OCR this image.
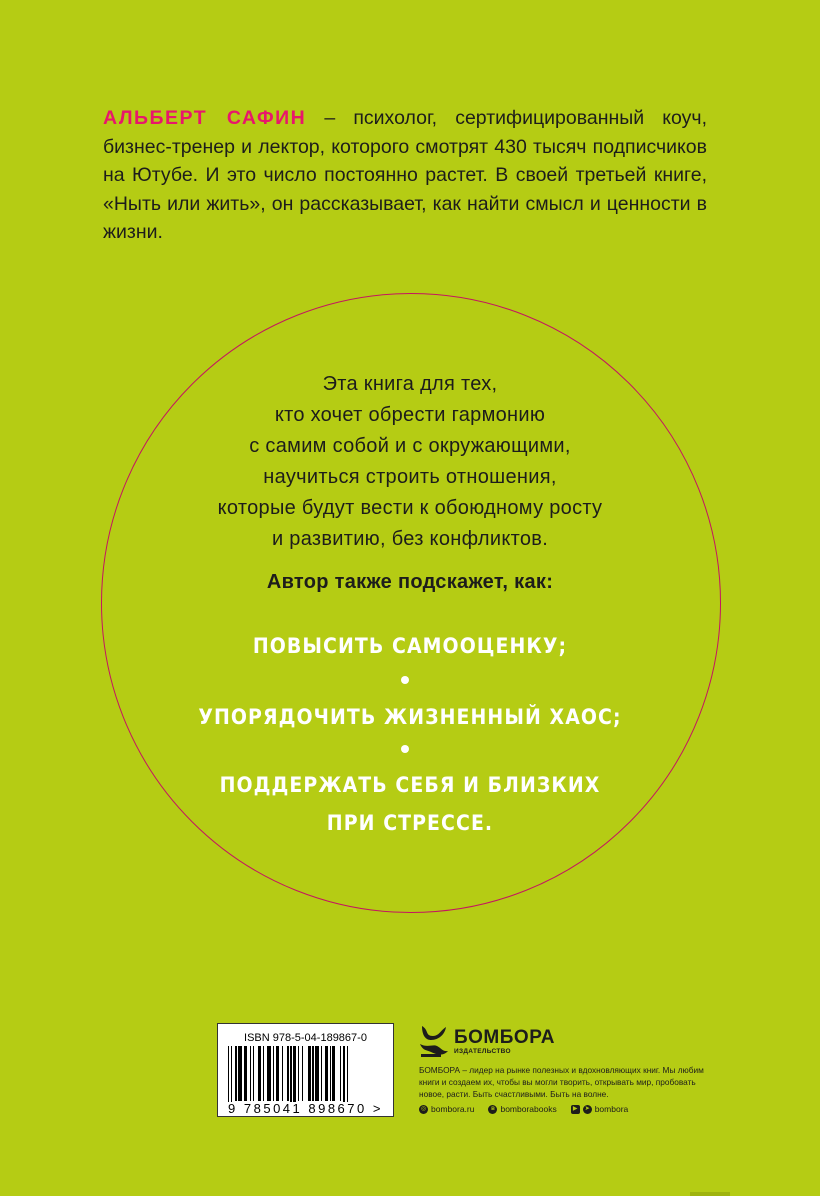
АЛЬБЕРТ САФИН – психолог, сертифицированный коуч, бизнес-тренер и лектор, которого смотрят 430 тысяч подписчиков на Ютубе. И это число постоянно растет. В своей третьей книге, «Ныть или жить», он рассказывает, как найти смысл и ценности в жизни.

Эта книга для тех,
кто хочет обрести гармонию
с самим собой и с окружающими,
научиться строить отношения,
которые будут вести к обоюдному росту
и развитию, без конфликтов.
Автор также подскажет, как:
ПОВЫСИТЬ САМООЦЕНКУ;
УПОРЯДОЧИТЬ ЖИЗНЕННЫЙ ХАОС;
ПОДДЕРЖАТЬ СЕБЯ И БЛИЗКИХ
ПРИ СТРЕССЕ.
ISBN 978-5-04-189867-0
9 785041 898670 >
БОМБОРА
ИЗДАТЕЛЬСТВО
БОМБОРА – лидер на рынке полезных и вдохновляющих книг. Мы любим книги и создаем их, чтобы вы могли творить, открывать мир, пробовать новое, расти. Быть счастливыми. Быть на волне.
◎ bombora.ru	в bomborabooks	▶	➤ bombora
